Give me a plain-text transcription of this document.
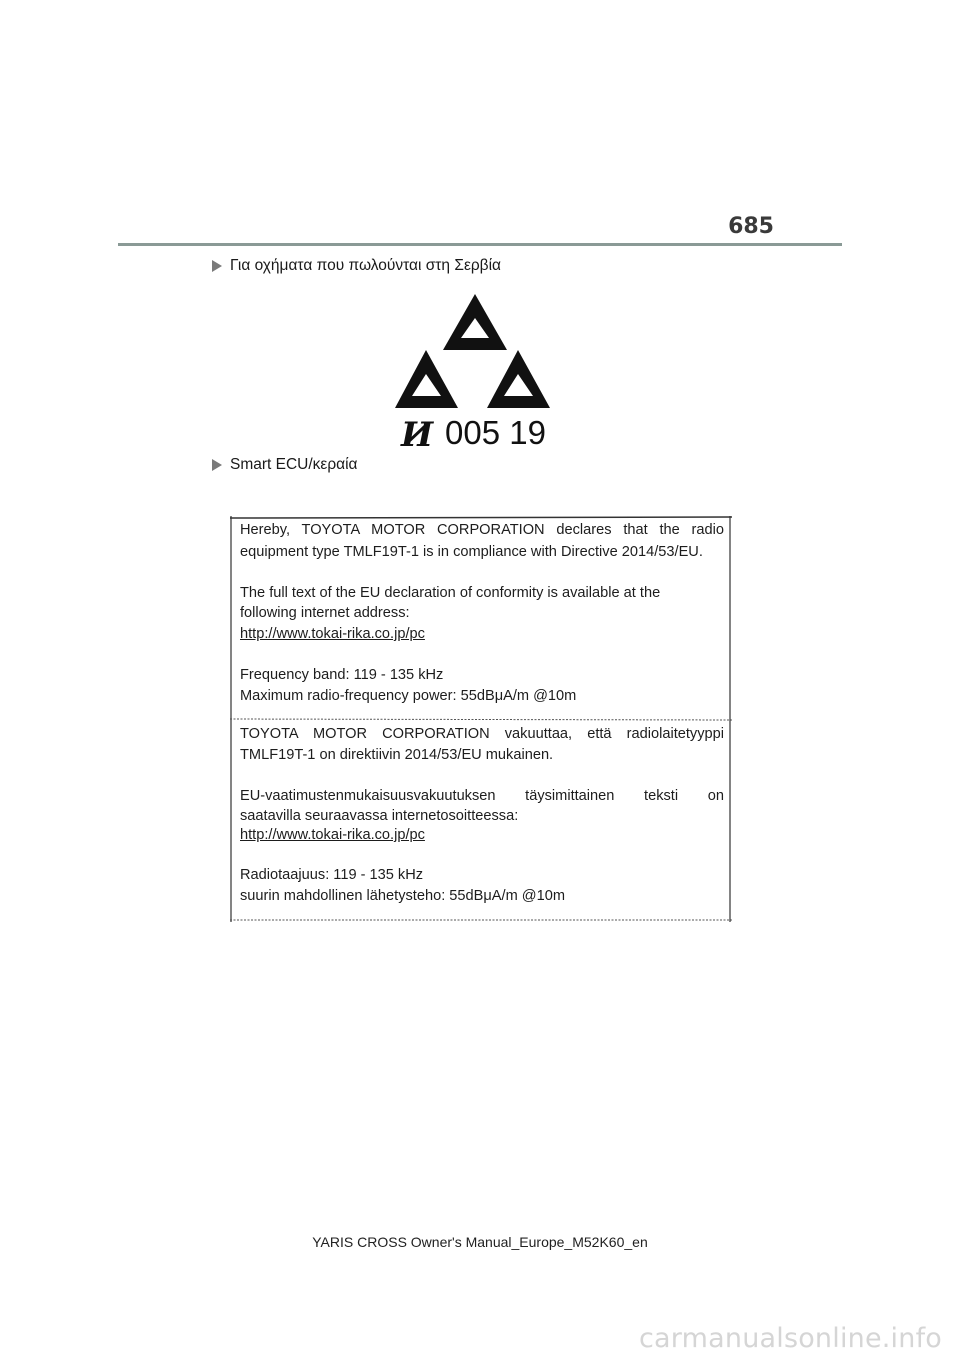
685
Για οχήματα που πωλούνται στη Σερβία
И 005 19
Smart ECU/κεραία
Hereby, TOYOTA MOTOR CORPORATION declares that the radio
equipment type TMLF19T-1 is in compliance with Directive 2014/53/EU.
The full text of the EU declaration of conformity is available at the
following internet address:
http://www.tokai-rika.co.jp/pc
Frequency band: 119 - 135 kHz
Maximum radio-frequency power: 55dBμA/m @10m
TOYOTA MOTOR CORPORATION vakuuttaa, että radiolaitetyyppi
TMLF19T-1 on direktiivin 2014/53/EU mukainen.
EU-vaatimustenmukaisuusvakuutuksen täysimittainen teksti on
saatavilla seuraavassa internetosoitteessa:
http://www.tokai-rika.co.jp/pc
Radiotaajuus: 119 - 135 kHz
suurin mahdollinen lähetysteho: 55dBμA/m @10m
YARIS CROSS Owner's Manual_Europe_M52K60_en
carmanualsonline.info
